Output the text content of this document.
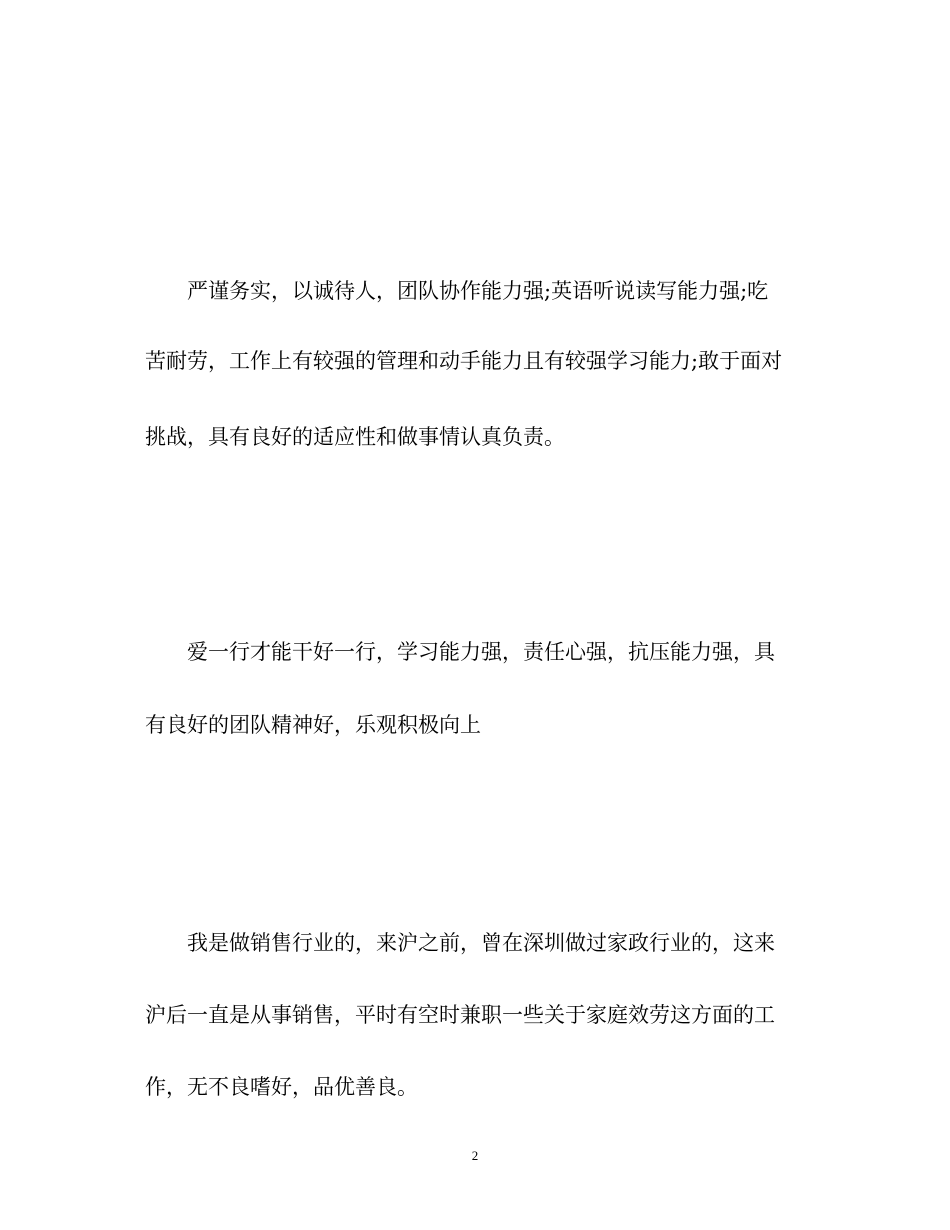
严谨务实，以诚待人，团队协作能力强;英语听说读写能力强;吃
苦耐劳，工作上有较强的管理和动手能力且有较强学习能力;敢于面对
挑战，具有良好的适应性和做事情认真负责。
爱一行才能干好一行，学习能力强，责任心强，抗压能力强，具
有良好的团队精神好，乐观积极向上
我是做销售行业的，来沪之前，曾在深圳做过家政行业的，这来
沪后一直是从事销售，平时有空时兼职一些关于家庭效劳这方面的工
作，无不良嗜好，品优善良。
2
